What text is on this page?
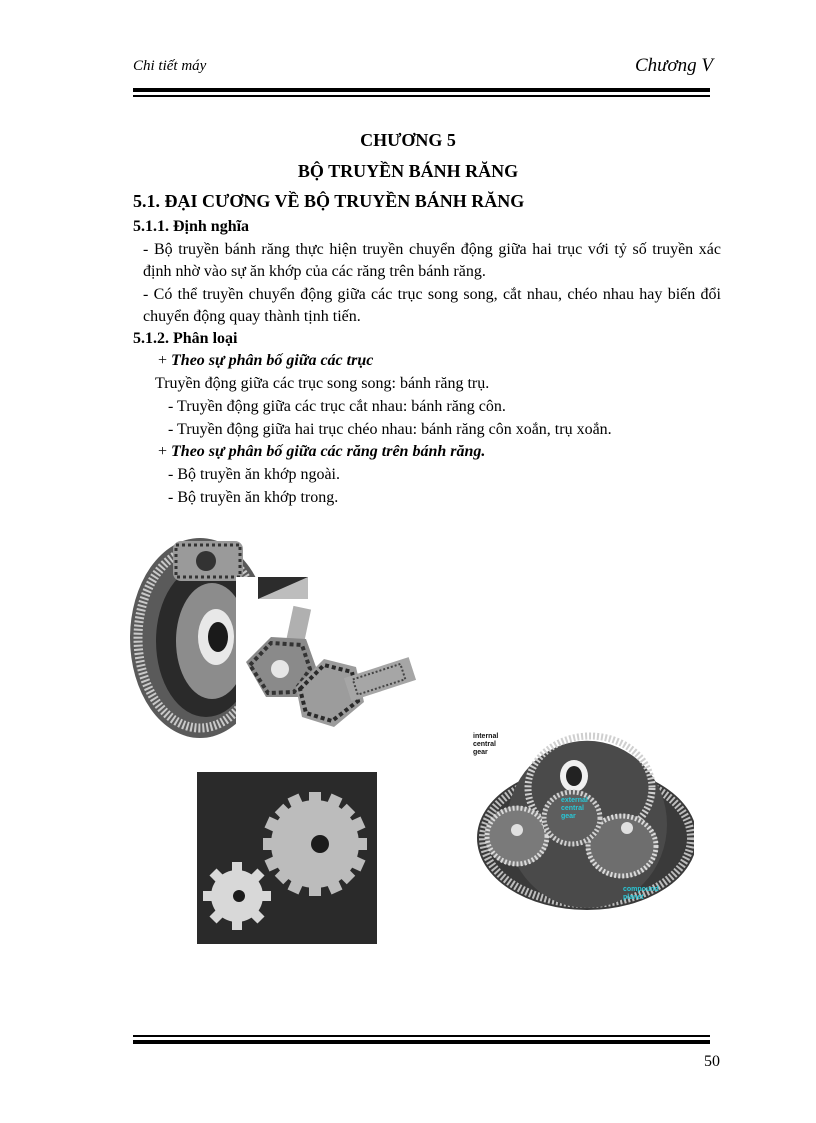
Chi tiết máy	Chương V
CHƯƠNG 5
BỘ TRUYỀN BÁNH RĂNG
5.1. ĐẠI CƯƠNG VỀ BỘ TRUYỀN BÁNH RĂNG
5.1.1. Định nghĩa

- Bộ truyền bánh răng thực hiện truyền chuyển động giữa hai trục với tỷ số truyền xác định nhờ vào sự ăn khớp của các răng trên bánh răng.

- Có thể truyền chuyển động giữa các trục song song, cắt nhau, chéo nhau hay biến đổi chuyển động quay thành tịnh tiến.

5.1.2. Phân loại
+ Theo sự phân bố giữa các trục
Truyền động giữa các trục song song: bánh răng trụ.
- Truyền động giữa các trục cắt nhau: bánh răng côn.
- Truyền động giữa hai trục chéo nhau: bánh răng côn xoắn, trụ xoắn.
+ Theo sự phân bố giữa các răng trên bánh răng.
- Bộ truyền ăn khớp ngoài.
- Bộ truyền ăn khớp trong.
internal
central
gear
external
central
gear
compound
planet
50
